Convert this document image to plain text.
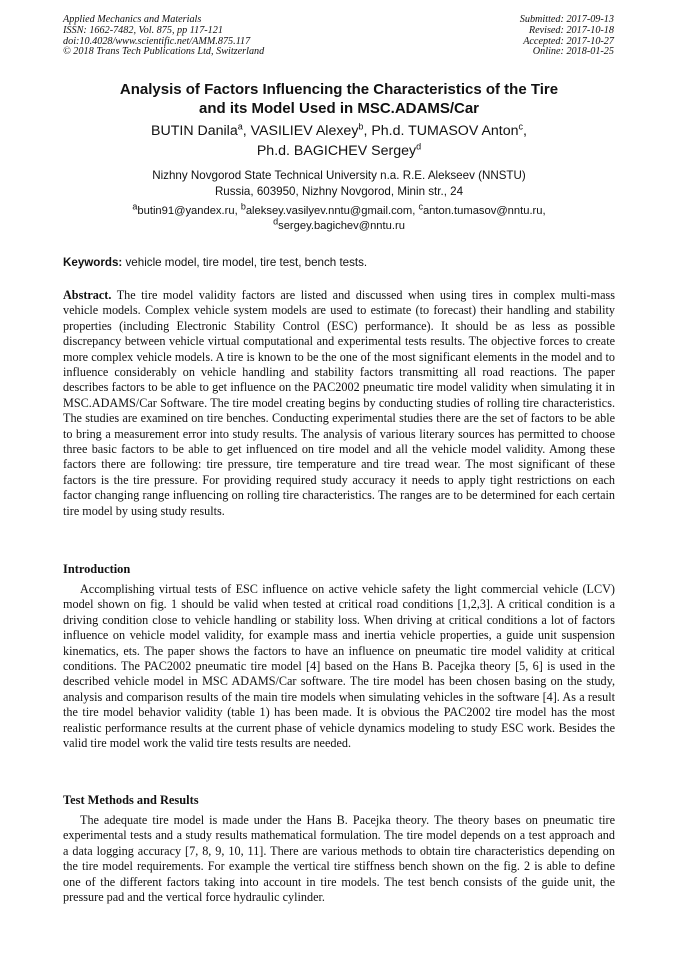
Applied Mechanics and Materials
ISSN: 1662-7482, Vol. 875, pp 117-121
doi:10.4028/www.scientific.net/AMM.875.117
© 2018 Trans Tech Publications Ltd, Switzerland
Submitted: 2017-09-13
Revised: 2017-10-18
Accepted: 2017-10-27
Online: 2018-01-25
Analysis of Factors Influencing the Characteristics of the Tire
and its Model Used in MSC.ADAMS/Car
BUTIN Danila$^a$, VASILIEV Alexey$^b$, Ph.d. TUMASOV Anton$^c$,
Ph.d. BAGICHEV Sergey$^d$
Nizhny Novgorod State Technical University n.a. R.E. Alekseev (NNSTU)
Russia, 603950, Nizhny Novgorod, Minin str., 24
$^a$butin91@yandex.ru, $^b$aleksey.vasilyev.nntu@gmail.com, $^c$anton.tumasov@nntu.ru,
$^d$sergey.bagichev@nntu.ru
Keywords: vehicle model, tire model, tire test, bench tests.

Abstract. The tire model validity factors are listed and discussed when using tires in complex multi-mass vehicle models. Complex vehicle system models are used to estimate (to forecast) their handling and stability properties (including Electronic Stability Control (ESC) performance). It should be as less as possible discrepancy between vehicle virtual computational and experimental tests results. The objective forces to create more complex vehicle models. A tire is known to be the one of the most significant elements in the model and to influence considerably on vehicle handling and stability factors transmitting all road reactions. The paper describes factors to be able to get influence on the PAC2002 pneumatic tire model validity when simulating it in MSC.ADAMS/Car Software. The tire model creating begins by conducting studies of rolling tire characteristics. The studies are examined on tire benches. Conducting experimental studies there are the set of factors to be able to bring a measurement error into study results. The analysis of various literary sources has permitted to choose three basic factors to be able to get influenced on tire model and all the vehicle model validity. Among these factors there are following: tire pressure, tire temperature and tire tread wear. The most significant of these factors is the tire pressure. For providing required study accuracy it needs to apply tight restrictions on each factor changing range influencing on rolling tire characteristics. The ranges are to be determined for each certain tire model by using study results.

Introduction

Accomplishing virtual tests of ESC influence on active vehicle safety the light commercial vehicle (LCV) model shown on fig. 1 should be valid when tested at critical road conditions [1,2,3]. A critical condition is a driving condition close to vehicle handling or stability loss. When driving at critical conditions a lot of factors influence on vehicle model validity, for example mass and inertia vehicle properties, a guide unit suspension kinematics, ets. The paper shows the factors to have an influence on pneumatic tire model validity at critical conditions. The PAC2002 pneumatic tire model [4] based on the Hans B. Pacejka theory [5, 6] is used in the described vehicle model in MSC ADAMS/Car software. The tire model has been chosen basing on the study, analysis and comparison results of the main tire models when simulating vehicles in the software [4]. As a result the tire model behavior validity (table 1) has been made. It is obvious the PAC2002 tire model has the most realistic performance results at the current phase of vehicle dynamics modeling to study ESC work. Besides the valid tire model work the valid tire tests results are needed.

Test Methods and Results

The adequate tire model is made under the Hans B. Pacejka theory. The theory bases on pneumatic tire experimental tests and a study results mathematical formulation. The tire model depends on a test approach and a data logging accuracy [7, 8, 9, 10, 11]. There are various methods to obtain tire characteristics depending on the tire model requirements. For example the vertical tire stiffness bench shown on the fig. 2 is able to define one of the different factors taking into account in tire models. The test bench consists of the guide unit, the pressure pad and the vertical force hydraulic cylinder.
